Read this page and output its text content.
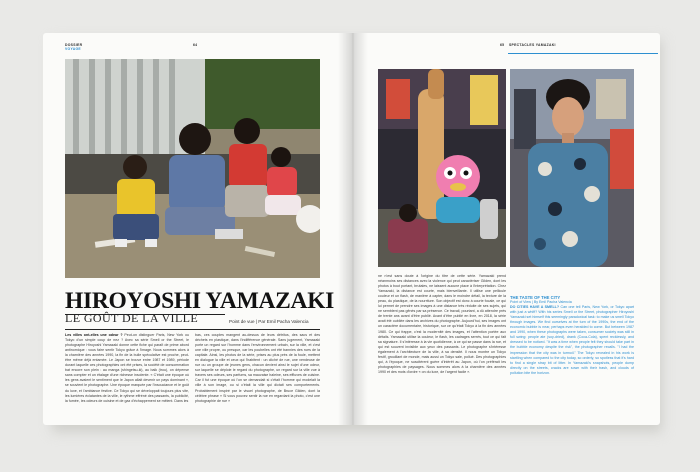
DOSSIER
VOYAGE
64
HIROYOSHI YAMAZAKI
LE GOÛT DE LA VILLE	Point de vue | Par Emil Pacha Valencia
Les villes ont-elles une odeur ? Peut-on distinguer Paris, New York ou Tokyo d'un simple coup de nez ? Avec sa série Smell or the Street, le photographe Hiroyoshi Yamazaki donne cette fiche qui paraît de prime abord antinomique : vous faire sentir Tokyo grâce à l'image. Nous sommes alors à la charnière des années 1990, la fin de la bulle spéculative est proche, peut-être même déjà entamée. Le Japon se trouve entre 1987 et 1989, période durant laquelle ces photographies ont été prises, la société de consommation bat encore son plein : au manga (shingetsu-ki), au baik (trou), on dépense sans compter et un étalage d'une richesse insolente. « C'était une époque où les gens avaient le sentiment que le Japon allait devenir un pays dominant », se souvient le photographe. Une époque marquée par l'insouciance et le goût du luxe, et l'ambiance festive. Ce Tokyo qui se développait toujours plus vite, les lumières éclatantes de la ville, le rythme effréné des passants, la publicité, la fumée, les odeurs de cuisine et de gaz d'échappement se mêlent. Dans les
bas, ces couples mangent au-dessus de leurs détritus, des sacs et des déchets en plastique, dans l'indifférence générale. Sans jugement, Yamazaki porte un regard sur l'homme dans l'environnement urbain, sur la ville, et c'est une ville propre, ou presque, car les poubelles ont été bannies des rues de la capitale. Ainsi, les photos de la série, prises au plus près de la foule, mettent en dialogue la ville et ceux qui l'habitent : un cliché de rue, une vendeuse de rue ou un groupe de jeunes gens, chacun devient ainsi le sujet d'une odeur, sur laquelle se déploie le regard du photographe, un regard sur la ville vue à travers ses odeurs, ses parfums, sa mauvaise haleine, ses effluves de cuisine. Car il fut une époque où l'on se demandait si c'était l'homme qui modelait la ville à son image, ou si c'était la ville qui dictait ses comportements. Probablement inspiré par le visuel photographe, de Bruce Gilden, dont la célèbre phrase « Si vous pouvez sentir la rue en regardant la photo, c'est une photographie de rue »
65 SPECTACLES YAMAZAKI
ne n'est sans doute à l'origine du titre de cette série. Yamazaki prend néanmoins ses distances avec la violence qui peut caractériser Gilden, dont les photos à bout portant, brutales, ne laissent aucune place à l'interprétation. Chez Yamazaki, la distance est courte, mais bienveillante. Il utilise une pellicule couleur et un flash, de manière à capter, dans le moindre détail, la texture de la peau, du plastique, de la nourriture. Son objectif est donc à courte focale, ce qui lui permet de prendre ses images à une distance très réduite de ses sujets, qui ne semblent pas gênés par sa présence. Ce travail, pourtant, a dû attendre près de trente ans avant d'être publié. Avant d'être publié en livre, en 2018, la série avait été oubliée dans les archives du photographe. Aujourd'hui, ses images ont un caractère documentaire, historique, sur ce qu'était Tokyo à la fin des années 1980. Ce qui frappe, c'est la modernité des images, et l'attention portée aux détails. Yamazaki utilise la couleur, le flash, les cadrages serrés, tout ce qui fait sa signature. Il s'intéresse à la vie quotidienne, à ce qui se passe dans la rue, et qui est souvent invisible aux yeux des passants. Le photographe s'intéresse également à l'architecture de la ville, à sa densité. Il nous montre un Tokyo festif, grouillant de monde, mais aussi un Tokyo sale, pollué. Des photographies qui, à l'époque, ne suscitèrent guère d'intérêt au Japon, où l'on préférait les photographies de paysages. Nous sommes alors à la charnière des années 1990 et des mots d'ordre « on du luxe, de l'argent facile ».
THE TASTE OF THE CITY
Point of View | By Emil Pacha Valencia
DO CITIES HAVE A SMELL? Can one tell Paris, New York, or Tokyo apart with just a whiff? With his series Smell or the Street, photographer Hiroyoshi Yamazaki set himself this seemingly paradoxical task: to make us smell Tokyo through images. We find ourselves at the turn of the 1990s, the end of the economic bubble is near, perhaps even heralded to come. But between 1987 and 1990, when these photographs were taken, consumer society was still in full swing: people ate (soy-dried), drank (Coca-Cola), spent recklessly, and dressed to be noticed. "It was a time when people felt they should take part in the bubble economy despite the risk", the photographer recalls. "I had the impression that the city was in turmoil." The Tokyo revealed in his work is startling when compared to the city today, so orderly, so spotless that it's hard to find a single stray bit of litter. In Yamazaki's snapshots, people dump directly on the streets, cracks are sown with their trash, and clouds of pollution bite the horizon.
